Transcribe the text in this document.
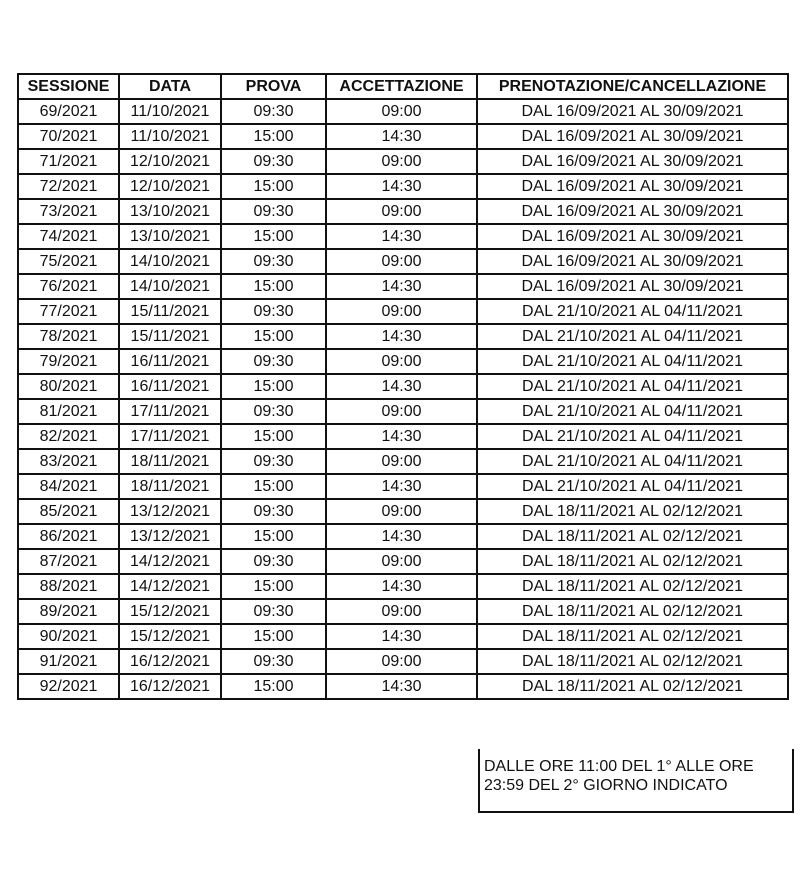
SESSIONE	DATA	PROVA	ACCETTAZIONE	PRENOTAZIONE/CANCELLAZIONE
69/2021	11/10/2021	09:30	09:00	DAL 16/09/2021 AL 30/09/2021
70/2021	11/10/2021	15:00	14:30	DAL 16/09/2021 AL 30/09/2021
71/2021	12/10/2021	09:30	09:00	DAL 16/09/2021 AL 30/09/2021
72/2021	12/10/2021	15:00	14:30	DAL 16/09/2021 AL 30/09/2021
73/2021	13/10/2021	09:30	09:00	DAL 16/09/2021 AL 30/09/2021
74/2021	13/10/2021	15:00	14:30	DAL 16/09/2021 AL 30/09/2021
75/2021	14/10/2021	09:30	09:00	DAL 16/09/2021 AL 30/09/2021
76/2021	14/10/2021	15:00	14:30	DAL 16/09/2021 AL 30/09/2021
77/2021	15/11/2021	09:30	09:00	DAL 21/10/2021 AL 04/11/2021
78/2021	15/11/2021	15:00	14:30	DAL 21/10/2021 AL 04/11/2021
79/2021	16/11/2021	09:30	09:00	DAL 21/10/2021 AL 04/11/2021
80/2021	16/11/2021	15:00	14.30	DAL 21/10/2021 AL 04/11/2021
81/2021	17/11/2021	09:30	09:00	DAL 21/10/2021 AL 04/11/2021
82/2021	17/11/2021	15:00	14:30	DAL 21/10/2021 AL 04/11/2021
83/2021	18/11/2021	09:30	09:00	DAL 21/10/2021 AL 04/11/2021
84/2021	18/11/2021	15:00	14:30	DAL 21/10/2021 AL 04/11/2021
85/2021	13/12/2021	09:30	09:00	DAL 18/11/2021 AL 02/12/2021
86/2021	13/12/2021	15:00	14:30	DAL 18/11/2021 AL 02/12/2021
87/2021	14/12/2021	09:30	09:00	DAL 18/11/2021 AL 02/12/2021
88/2021	14/12/2021	15:00	14:30	DAL 18/11/2021 AL 02/12/2021
89/2021	15/12/2021	09:30	09:00	DAL 18/11/2021 AL 02/12/2021
90/2021	15/12/2021	15:00	14:30	DAL 18/11/2021 AL 02/12/2021
91/2021	16/12/2021	09:30	09:00	DAL 18/11/2021 AL 02/12/2021
92/2021	16/12/2021	15:00	14:30	DAL 18/11/2021 AL 02/12/2021
DALLE ORE 11:00 DEL 1° ALLE ORE
23:59 DEL 2° GIORNO INDICATO
